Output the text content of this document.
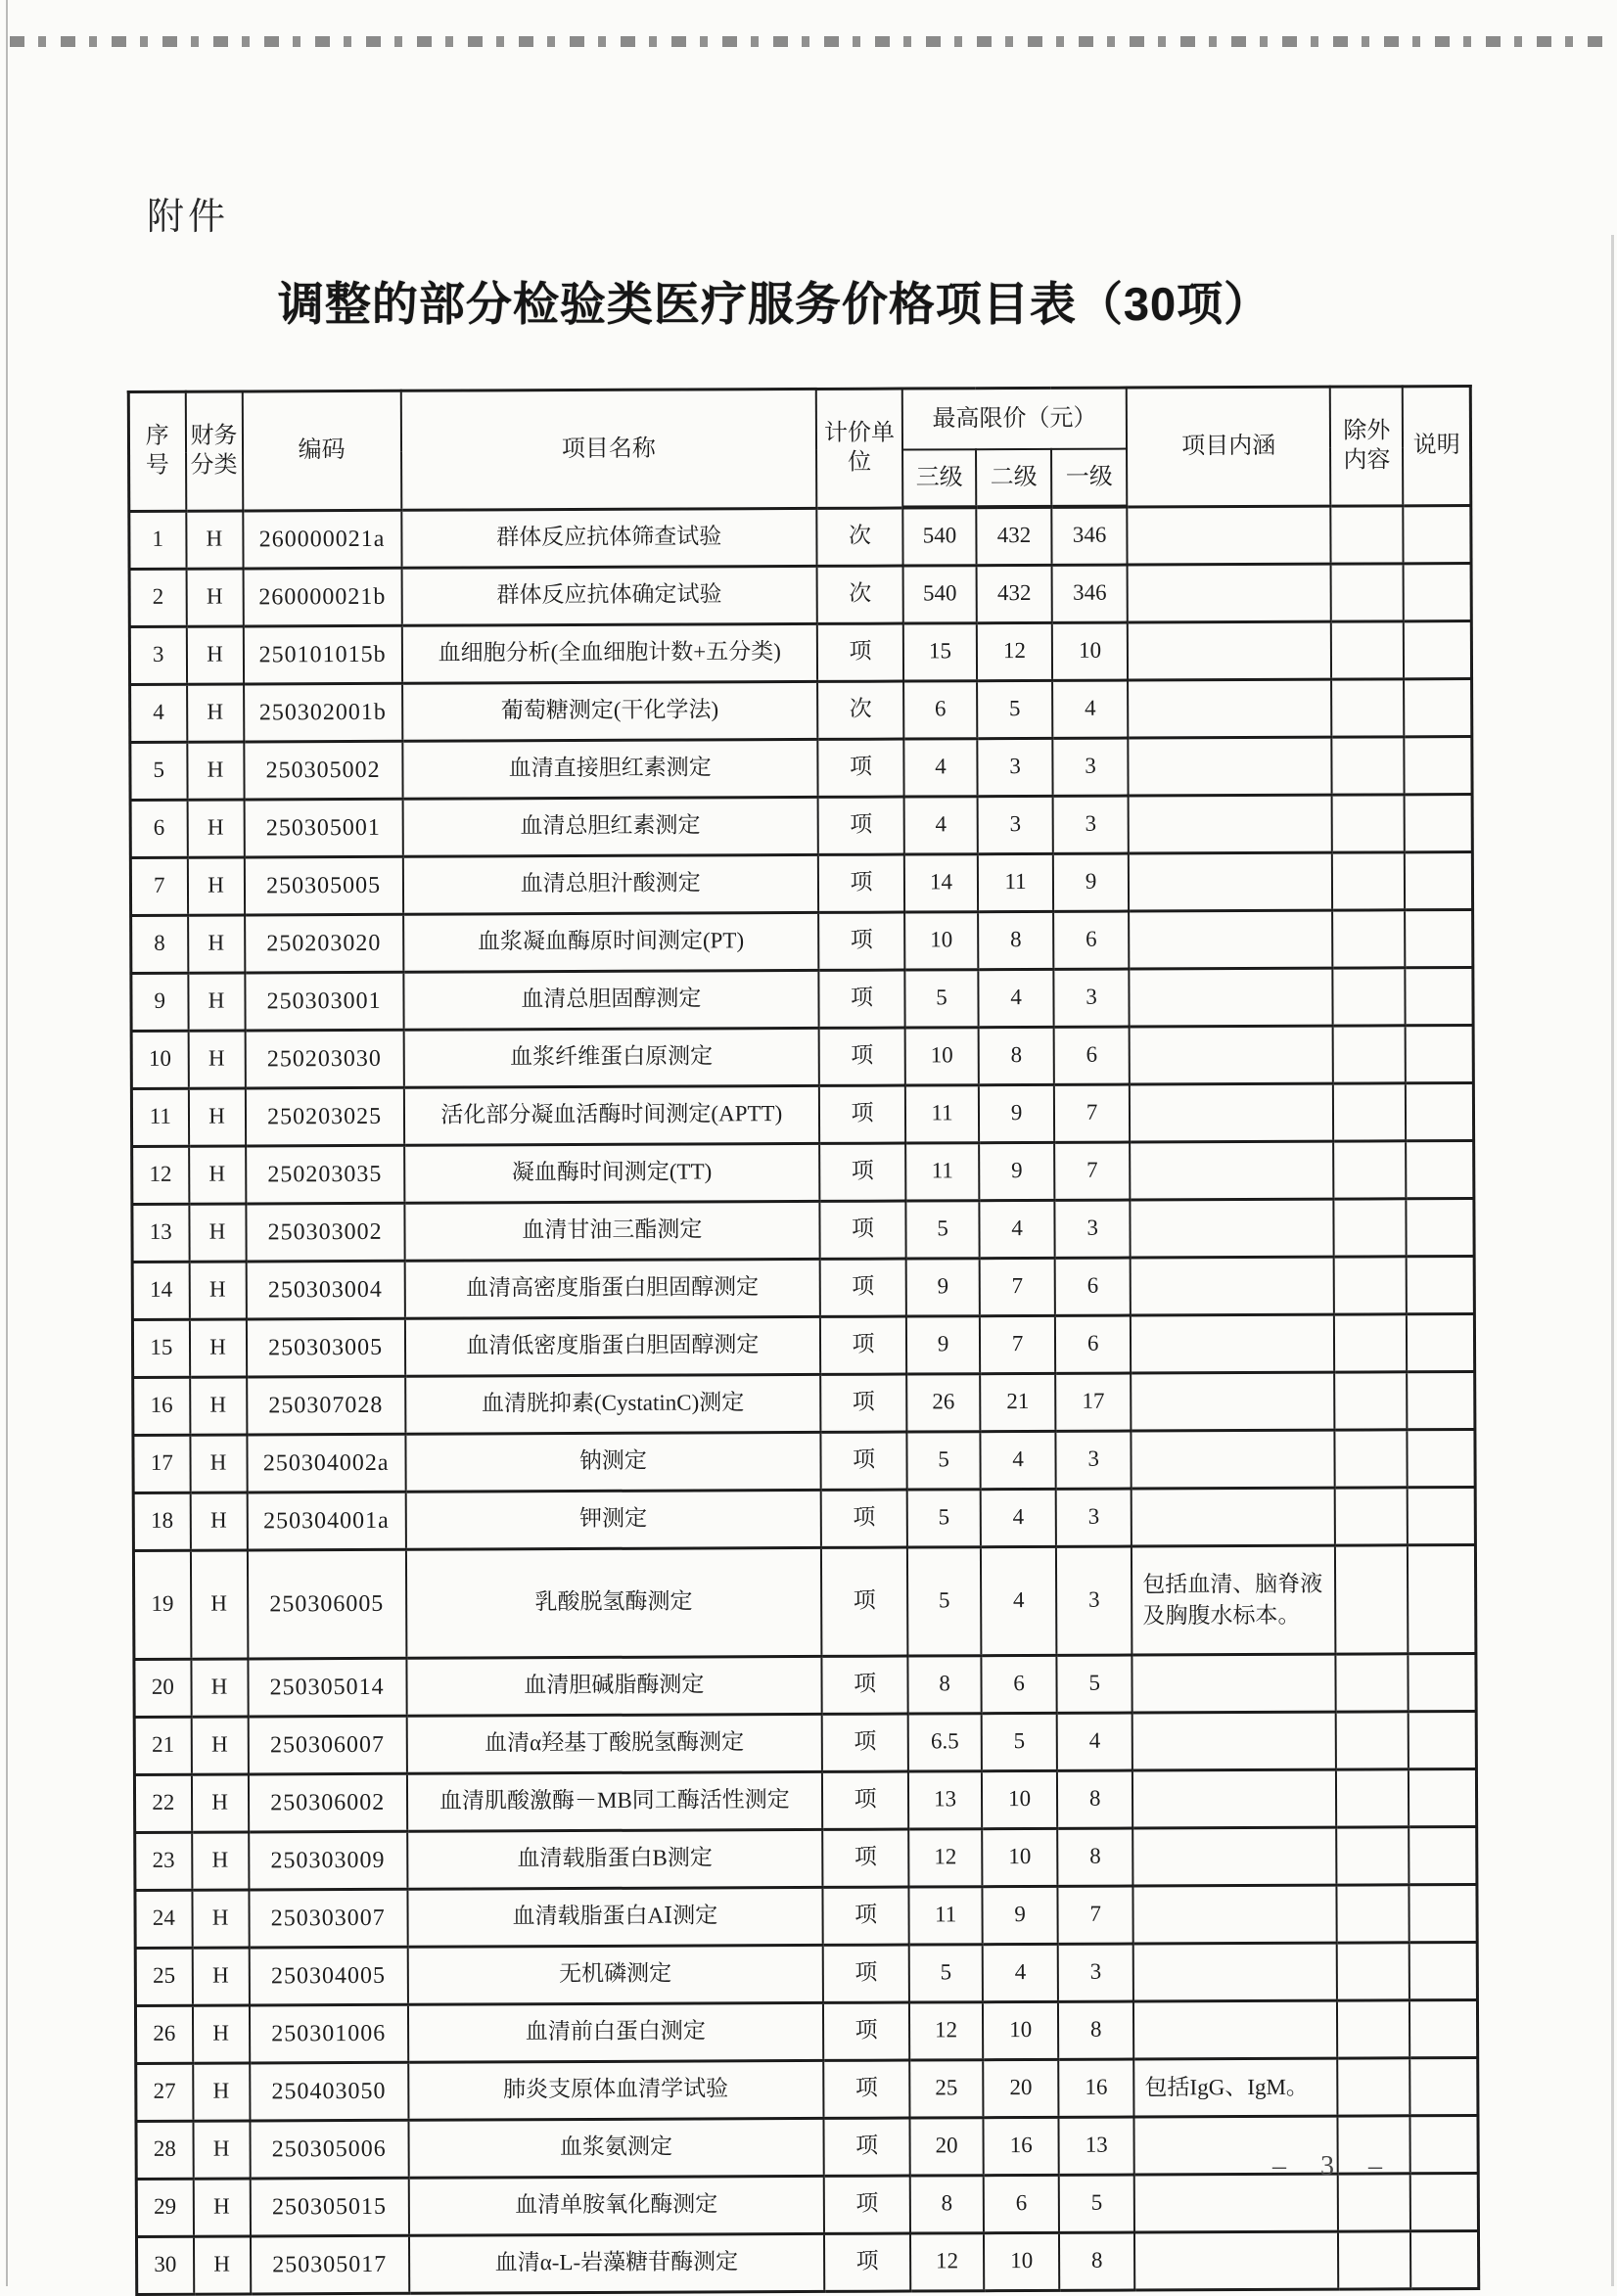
附件
调整的部分检验类医疗服务价格项目表（30项）
序号	财务分类	编码	项目名称	计价单位	最高限价（元）			项目内涵	除外内容	说明
					三级	二级	一级			
1	H	260000021a	群体反应抗体筛查试验	次	540	432	346			
2	H	260000021b	群体反应抗体确定试验	次	540	432	346			
3	H	250101015b	血细胞分析(全血细胞计数+五分类)	项	15	12	10			
4	H	250302001b	葡萄糖测定(干化学法)	次	6	5	4			
5	H	250305002	血清直接胆红素测定	项	4	3	3			
6	H	250305001	血清总胆红素测定	项	4	3	3			
7	H	250305005	血清总胆汁酸测定	项	14	11	9			
8	H	250203020	血浆凝血酶原时间测定(PT)	项	10	8	6			
9	H	250303001	血清总胆固醇测定	项	5	4	3			
10	H	250203030	血浆纤维蛋白原测定	项	10	8	6			
11	H	250203025	活化部分凝血活酶时间测定(APTT)	项	11	9	7			
12	H	250203035	凝血酶时间测定(TT)	项	11	9	7			
13	H	250303002	血清甘油三酯测定	项	5	4	3			
14	H	250303004	血清高密度脂蛋白胆固醇测定	项	9	7	6			
15	H	250303005	血清低密度脂蛋白胆固醇测定	项	9	7	6			
16	H	250307028	血清胱抑素(CystatinC)测定	项	26	21	17			
17	H	250304002a	钠测定	项	5	4	3			
18	H	250304001a	钾测定	项	5	4	3			
19	H	250306005	乳酸脱氢酶测定	项	5	4	3	包括血清、脑脊液及胸腹水标本。		
20	H	250305014	血清胆碱脂酶测定	项	8	6	5			
21	H	250306007	血清α羟基丁酸脱氢酶测定	项	6.5	5	4			
22	H	250306002	血清肌酸激酶－MB同工酶活性测定	项	13	10	8			
23	H	250303009	血清载脂蛋白B测定	项	12	10	8			
24	H	250303007	血清载脂蛋白AⅠ测定	项	11	9	7			
25	H	250304005	无机磷测定	项	5	4	3			
26	H	250301006	血清前白蛋白测定	项	12	10	8			
27	H	250403050	肺炎支原体血清学试验	项	25	20	16	包括IgG、IgM。		
28	H	250305006	血浆氨测定	项	20	16	13			
29	H	250305015	血清单胺氧化酶测定	项	8	6	5			
30	H	250305017	血清α-L-岩藻糖苷酶测定	项	12	10	8			
– 3 –
